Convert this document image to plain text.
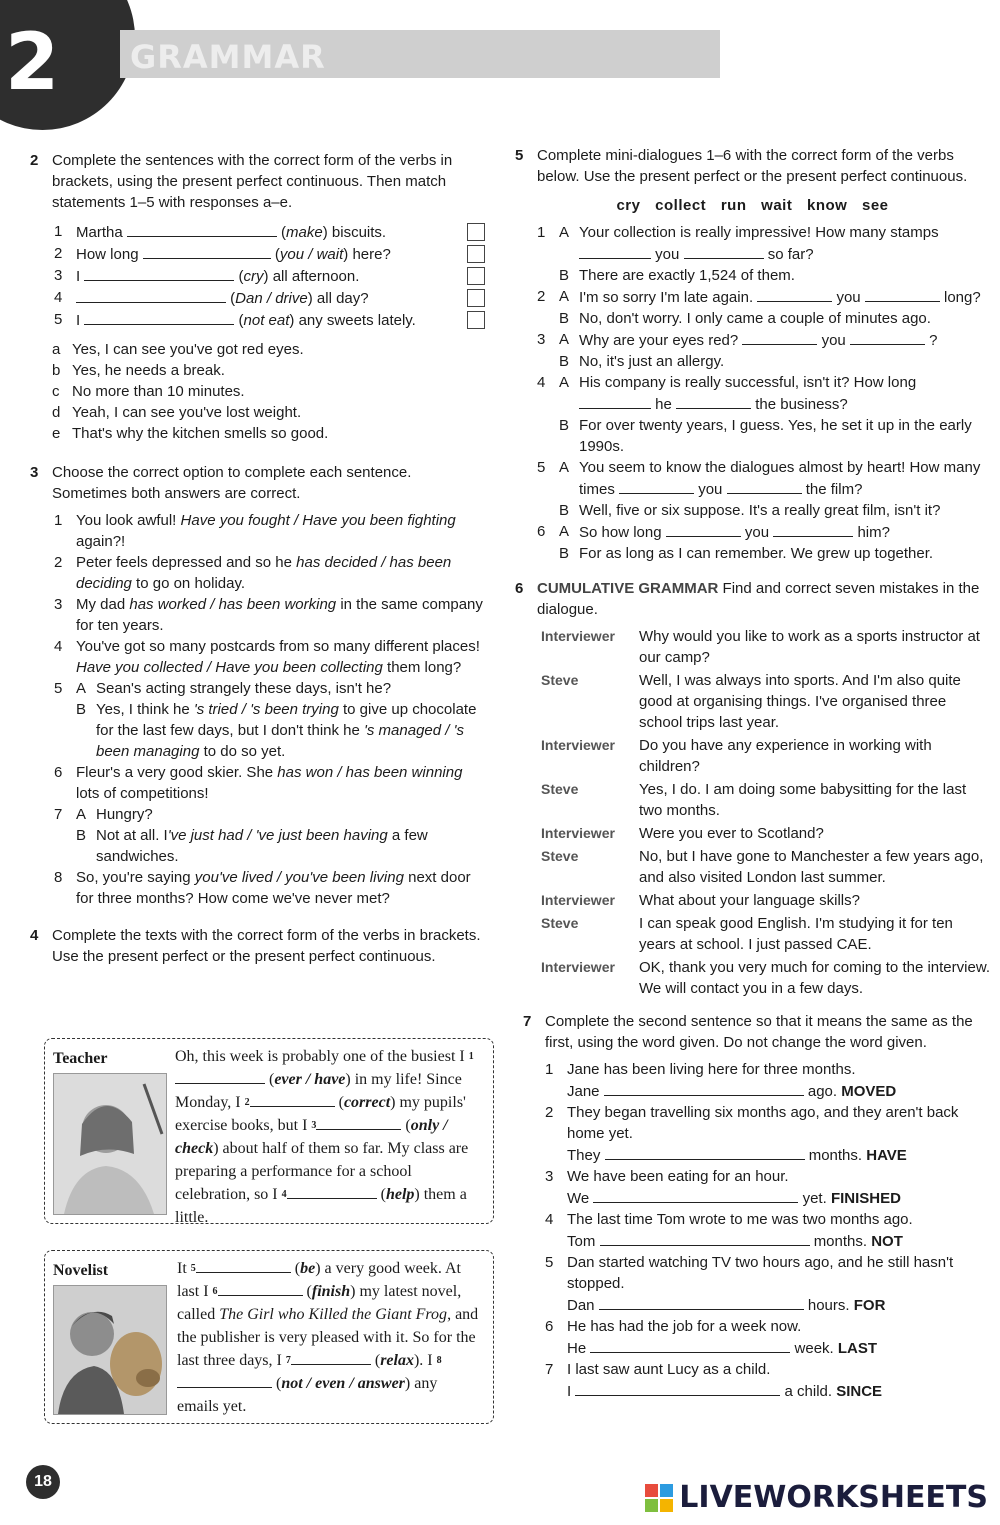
GRAMMAR
2
2 Complete the sentences with the correct form of the verbs in brackets, using the present perfect continuous. Then match statements 1–5 with responses a–e.
1 Martha	(make) biscuits.
2 How long	(you / wait) here?
3 I	(cry) all afternoon.
4	(Dan / drive) all day?
5 I	(not eat) any sweets lately.
a Yes, I can see you've got red eyes.
b Yes, he needs a break.
c No more than 10 minutes.
d Yeah, I can see you've lost weight.
e That's why the kitchen smells so good.
3 Choose the correct option to complete each sentence. Sometimes both answers are correct.
1 You look awful! Have you fought / Have you been fighting again?!
2 Peter feels depressed and so he has decided / has been deciding to go on holiday.
3 My dad has worked / has been working in the same company for ten years.
4 You've got so many postcards from so many different places! Have you collected / Have you been collecting them long?
5 A Sean's acting strangely these days, isn't he?
B Yes, I think he 's tried / 's been trying to give up chocolate for the last few days, but I don't think he 's managed / 's been managing to do so yet.
6 Fleur's a very good skier. She has won / has been winning lots of competitions!
7 A Hungry?
B Not at all. I've just had / 've just been having a few sandwiches.
8 So, you're saying you've lived / you've been living next door for three months? How come we've never met?
4 Complete the texts with the correct form of the verbs in brackets. Use the present perfect or the present perfect continuous.
Teacher	Oh, this week is probably one of the busiest I $^1$ (ever / have) in my life! Since Monday, I $^2$	(correct) my pupils' exercise books, but I $^3$	(only / check) about half of them so far. My class are preparing a performance for a school celebration, so I $^4$	(help) them a little.
Novelist	It $^5$	(be) a very good week. At last I $^6$	(finish) my latest novel, called The Girl who Killed the Giant Frog, and the publisher is very pleased with it. So for the last three days, I $^7$	(relax). I $^8$ (not / even / answer) any emails yet.
5 Complete mini-dialogues 1–6 with the correct form of the verbs below. Use the present perfect or the present perfect continuous.
cry collect run wait know see
1 A Your collection is really impressive! How many stamps  you	so far?
B There are exactly 1,524 of them.
2 A I'm so sorry I'm late again.	you	long?
B No, don't worry. I only came a couple of minutes ago.
3 A Why are your eyes red?	you	?
B No, it's just an allergy.
4 A His company is really successful, isn't it? How long  he	the business?
B For over twenty years, I guess. Yes, he set it up in the early 1990s.
5 A You seem to know the dialogues almost by heart! How many times	you	the film?
B Well, five or six suppose. It's a really great film, isn't it?
6 A So how long	you	him?
B For as long as I can remember. We grew up together.
6 CUMULATIVE GRAMMAR Find and correct seven mistakes in the dialogue.
Interviewer	Why would you like to work as a sports instructor at our camp?
Steve	Well, I was always into sports. And I'm also quite good at organising things. I've organised three school trips last year.
Interviewer	Do you have any experience in working with children?
Steve	Yes, I do. I am doing some babysitting for the last two months.
Interviewer	Were you ever to Scotland?
Steve	No, but I have gone to Manchester a few years ago, and also visited London last summer.
Interviewer	What about your language skills?
Steve	I can speak good English. I'm studying it for ten years at school. I just passed CAE.
Interviewer	OK, thank you very much for coming to the interview. We will contact you in a few days.
7 Complete the second sentence so that it means the same as the first, using the word given. Do not change the word given.
1 Jane has been living here for three months.
Jane	ago. MOVED
2 They began travelling six months ago, and they aren't back home yet.
They	months. HAVE
3 We have been eating for an hour.
We	yet. FINISHED
4 The last time Tom wrote to me was two months ago.
Tom	months. NOT
5 Dan started watching TV two hours ago, and he still hasn't stopped.
Dan	hours. FOR
6 He has had the job for a week now.
He	week. LAST
7 I last saw aunt Lucy as a child.
I	a child. SINCE
18	LIVEWORKSHEETS
